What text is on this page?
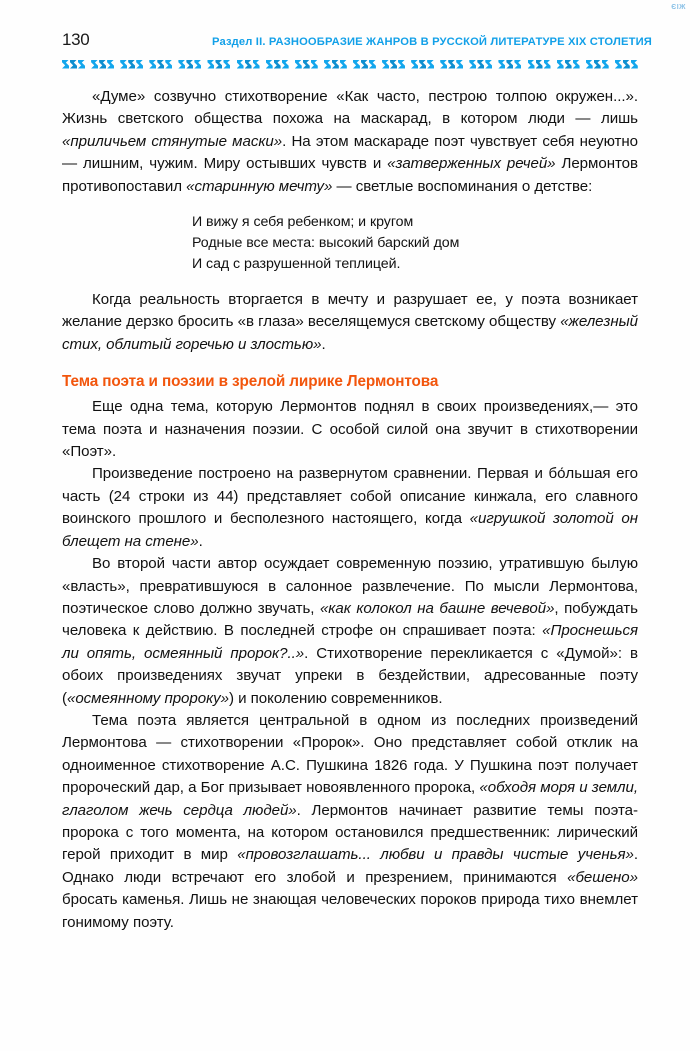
ЄІЖ
130	Раздел II. РАЗНООБРАЗИЕ ЖАНРОВ В РУССКОЙ ЛИТЕРАТУРЕ XIX СТОЛЕТИЯ

«Думе» созвучно стихотворение «Как часто, пестрою толпою окружен...». Жизнь светского общества похожа на маскарад, в котором люди — лишь «приличьем стянутые маски». На этом маскараде поэт чувствует себя неуютно — лишним, чужим. Миру остывших чувств и «затверженных речей» Лермонтов противопоставил «старинную мечту» — светлые воспоминания о детстве:

И вижу я себя ребенком; и кругом
Родные все места: высокий барский дом
И сад с разрушенной теплицей.

Когда реальность вторгается в мечту и разрушает ее, у поэта возникает желание дерзко бросить «в глаза» веселящемуся светскому обществу «железный стих, облитый горечью и злостью».

Тема поэта и поэзии в зрелой лирике Лермонтова

Еще одна тема, которую Лермонтов поднял в своих произведениях,— это тема поэта и назначения поэзии. С особой силой она звучит в стихотворении «Поэт».

Произведение построено на развернутом сравнении. Первая и бо́льшая его часть (24 строки из 44) представляет собой описание кинжала, его славного воинского прошлого и бесполезного настоящего, когда «игрушкой золотой он блещет на стене».

Во второй части автор осуждает современную поэзию, утратившую былую «власть», превратившуюся в салонное развлечение. По мысли Лермонтова, поэтическое слово должно звучать, «как колокол на башне вечевой», побуждать человека к действию. В последней строфе он спрашивает поэта: «Проснешься ли опять, осмеянный пророк?..». Стихотворение перекликается с «Думой»: в обоих произведениях звучат упреки в бездействии, адресованные поэту («осмеянному пророку») и поколению современников.

Тема поэта является центральной в одном из последних произведений Лермонтова — стихотворении «Пророк». Оно представляет собой отклик на одноименное стихотворение А.С. Пушкина 1826 года. У Пушкина поэт получает пророческий дар, а Бог призывает новоявленного пророка, «обходя моря и земли, глаголом жечь сердца людей». Лермонтов начинает развитие темы поэта-пророка с того момента, на котором остановился предшественник: лирический герой приходит в мир «провозглашать... любви и правды чистые ученья». Однако люди встречают его злобой и презрением, принимаются «бешено» бросать каменья. Лишь не знающая человеческих пороков природа тихо внемлет гонимому поэту.
